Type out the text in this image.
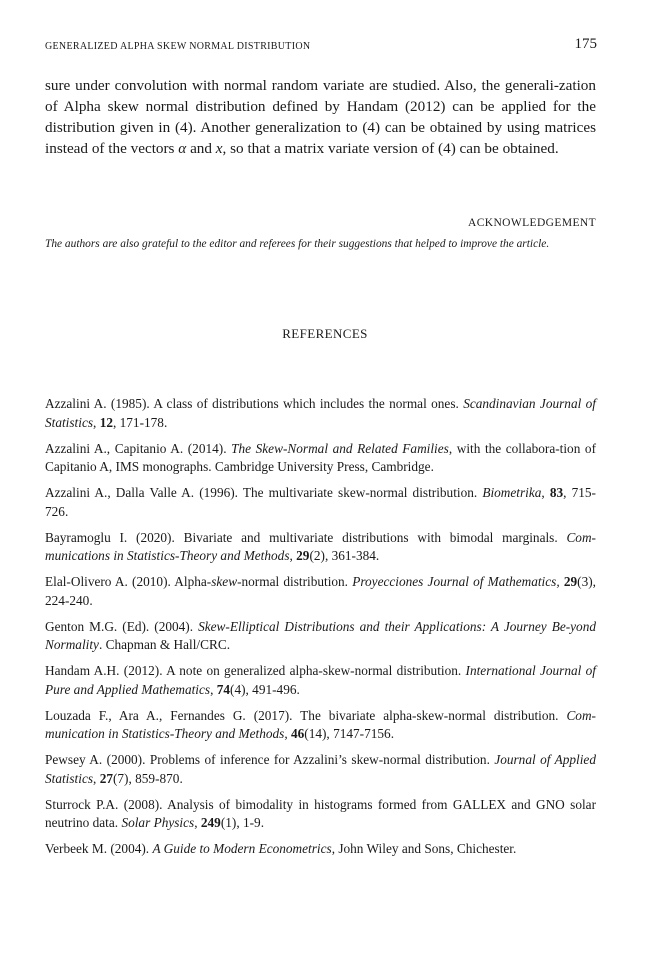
GENERALIZED ALPHA SKEW NORMAL DISTRIBUTION	175

sure under convolution with normal random variate are studied. Also, the generali-zation of Alpha skew normal distribution defined by Handam (2012) can be applied for the distribution given in (4). Another generalization to (4) can be obtained by using matrices instead of the vectors α and x, so that a matrix variate version of (4) can be obtained.

ACKNOWLEDGEMENT

The authors are also grateful to the editor and referees for their suggestions that helped to improve the article.

REFERENCES
Azzalini A. (1985). A class of distributions which includes the normal ones. Scandinavian Journal of Statistics, 12, 171-178.
Azzalini A., Capitanio A. (2014). The Skew-Normal and Related Families, with the collabora-tion of Capitanio A, IMS monographs. Cambridge University Press, Cambridge.
Azzalini A., Dalla Valle A. (1996). The multivariate skew-normal distribution. Biometrika, 83, 715-726.
Bayramoglu I. (2020). Bivariate and multivariate distributions with bimodal marginals. Com-munications in Statistics-Theory and Methods, 29(2), 361-384.
Elal-Olivero A. (2010). Alpha-skew-normal distribution. Proyecciones Journal of Mathematics, 29(3), 224-240.
Genton M.G. (Ed). (2004). Skew-Elliptical Distributions and their Applications: A Journey Be-yond Normality. Chapman & Hall/CRC.
Handam A.H. (2012). A note on generalized alpha-skew-normal distribution. International Journal of Pure and Applied Mathematics, 74(4), 491-496.
Louzada F., Ara A., Fernandes G. (2017). The bivariate alpha-skew-normal distribution. Com-munication in Statistics-Theory and Methods, 46(14), 7147-7156.
Pewsey A. (2000). Problems of inference for Azzalini’s skew-normal distribution. Journal of Applied Statistics, 27(7), 859-870.
Sturrock P.A. (2008). Analysis of bimodality in histograms formed from GALLEX and GNO solar neutrino data. Solar Physics, 249(1), 1-9.
Verbeek M. (2004). A Guide to Modern Econometrics, John Wiley and Sons, Chichester.
